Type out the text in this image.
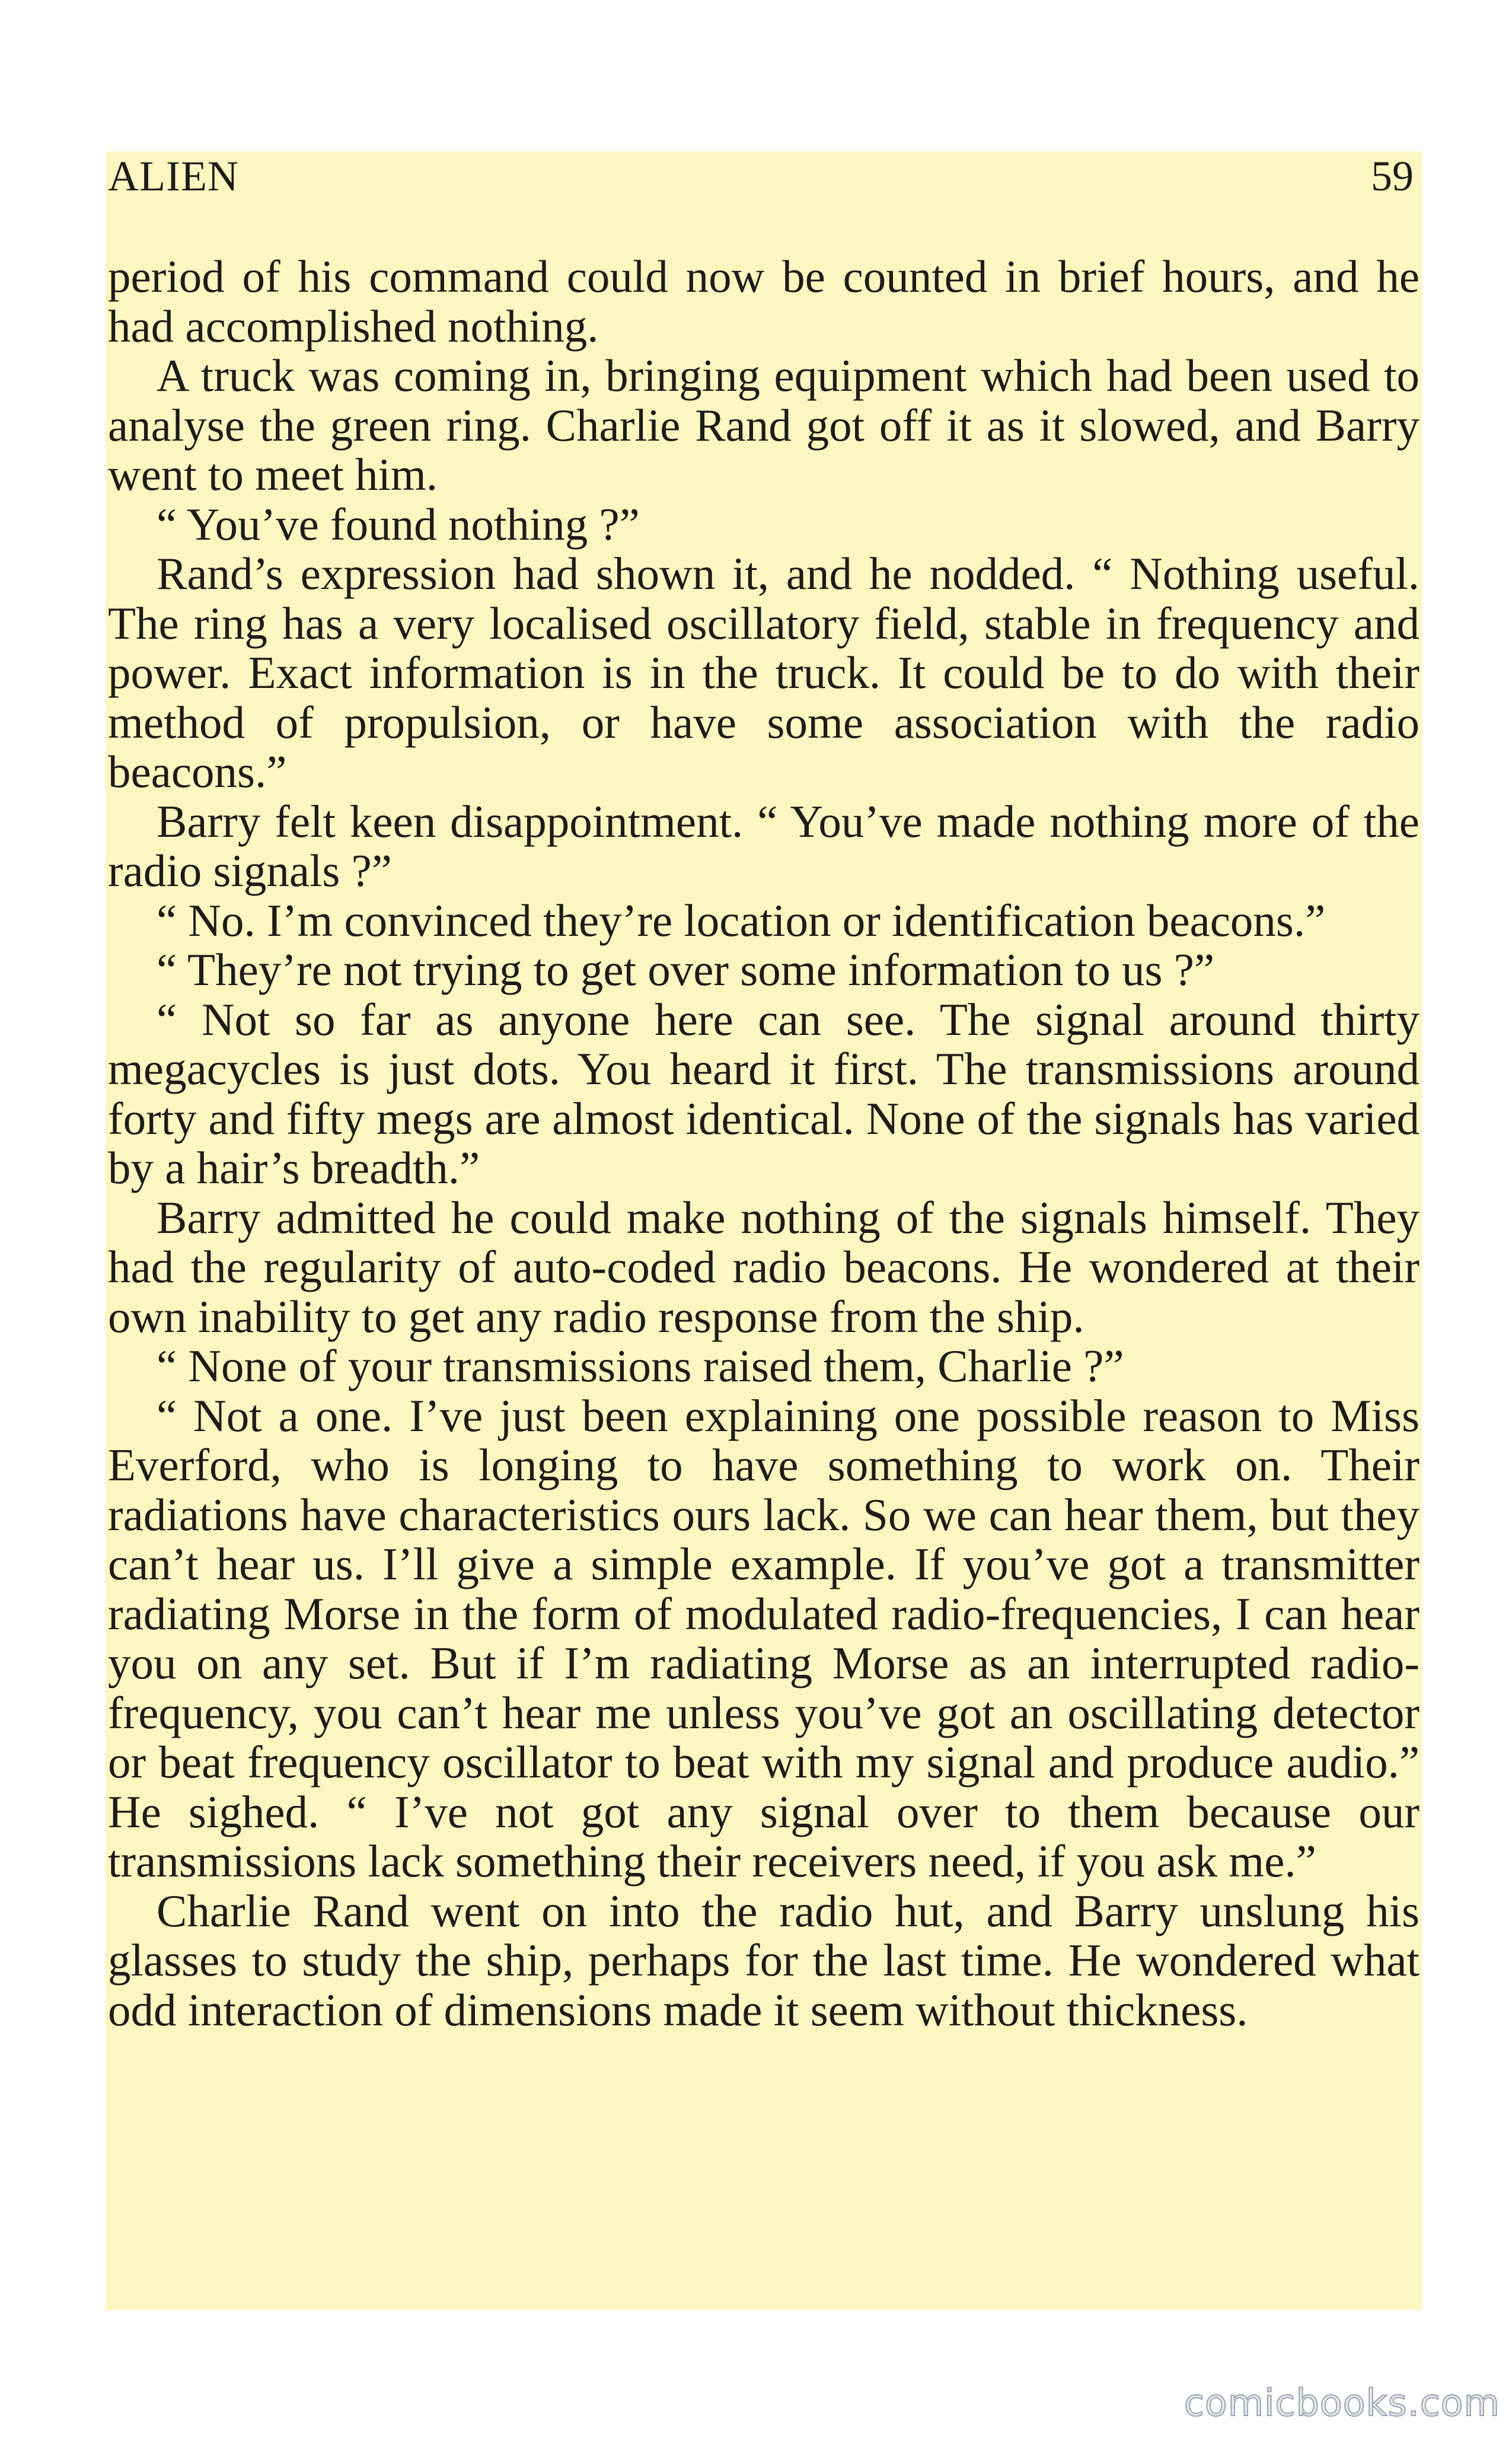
ALIEN	59

period of his command could now be counted in brief hours, and he had accomplished nothing.

A truck was coming in, bringing equipment which had been used to analyse the green ring. Charlie Rand got off it as it slowed, and Barry went to meet him.

“ You’ve found nothing ?”

Rand’s expression had shown it, and he nodded. “ Nothing useful. The ring has a very localised oscillatory field, stable in frequency and power. Exact information is in the truck. It could be to do with their method of propulsion, or have some association with the radio beacons.”

Barry felt keen disappointment. “ You’ve made nothing more of the radio signals ?”

“ No. I’m convinced they’re location or identification beacons.”

“ They’re not trying to get over some information to us ?”

“ Not so far as anyone here can see. The signal around thirty megacycles is just dots. You heard it first. The transmissions around forty and fifty megs are almost identical. None of the signals has varied by a hair’s breadth.”

Barry admitted he could make nothing of the signals himself. They had the regularity of auto-coded radio beacons. He wondered at their own inability to get any radio response from the ship.

“ None of your transmissions raised them, Charlie ?”

“ Not a one. I’ve just been explaining one possible reason to Miss Everford, who is longing to have something to work on. Their radiations have characteristics ours lack. So we can hear them, but they can’t hear us. I’ll give a simple example. If you’ve got a transmitter radiating Morse in the form of modulated radio-frequencies, I can hear you on any set. But if I’m radiating Morse as an interrupted radio-frequency, you can’t hear me unless you’ve got an oscillating detector or beat frequency oscillator to beat with my signal and produce audio.” He sighed. “ I’ve not got any signal over to them because our transmissions lack something their receivers need, if you ask me.”

Charlie Rand went on into the radio hut, and Barry unslung his glasses to study the ship, perhaps for the last time. He wondered what odd interaction of dimensions made it seem without thickness.

comicbooks.com
